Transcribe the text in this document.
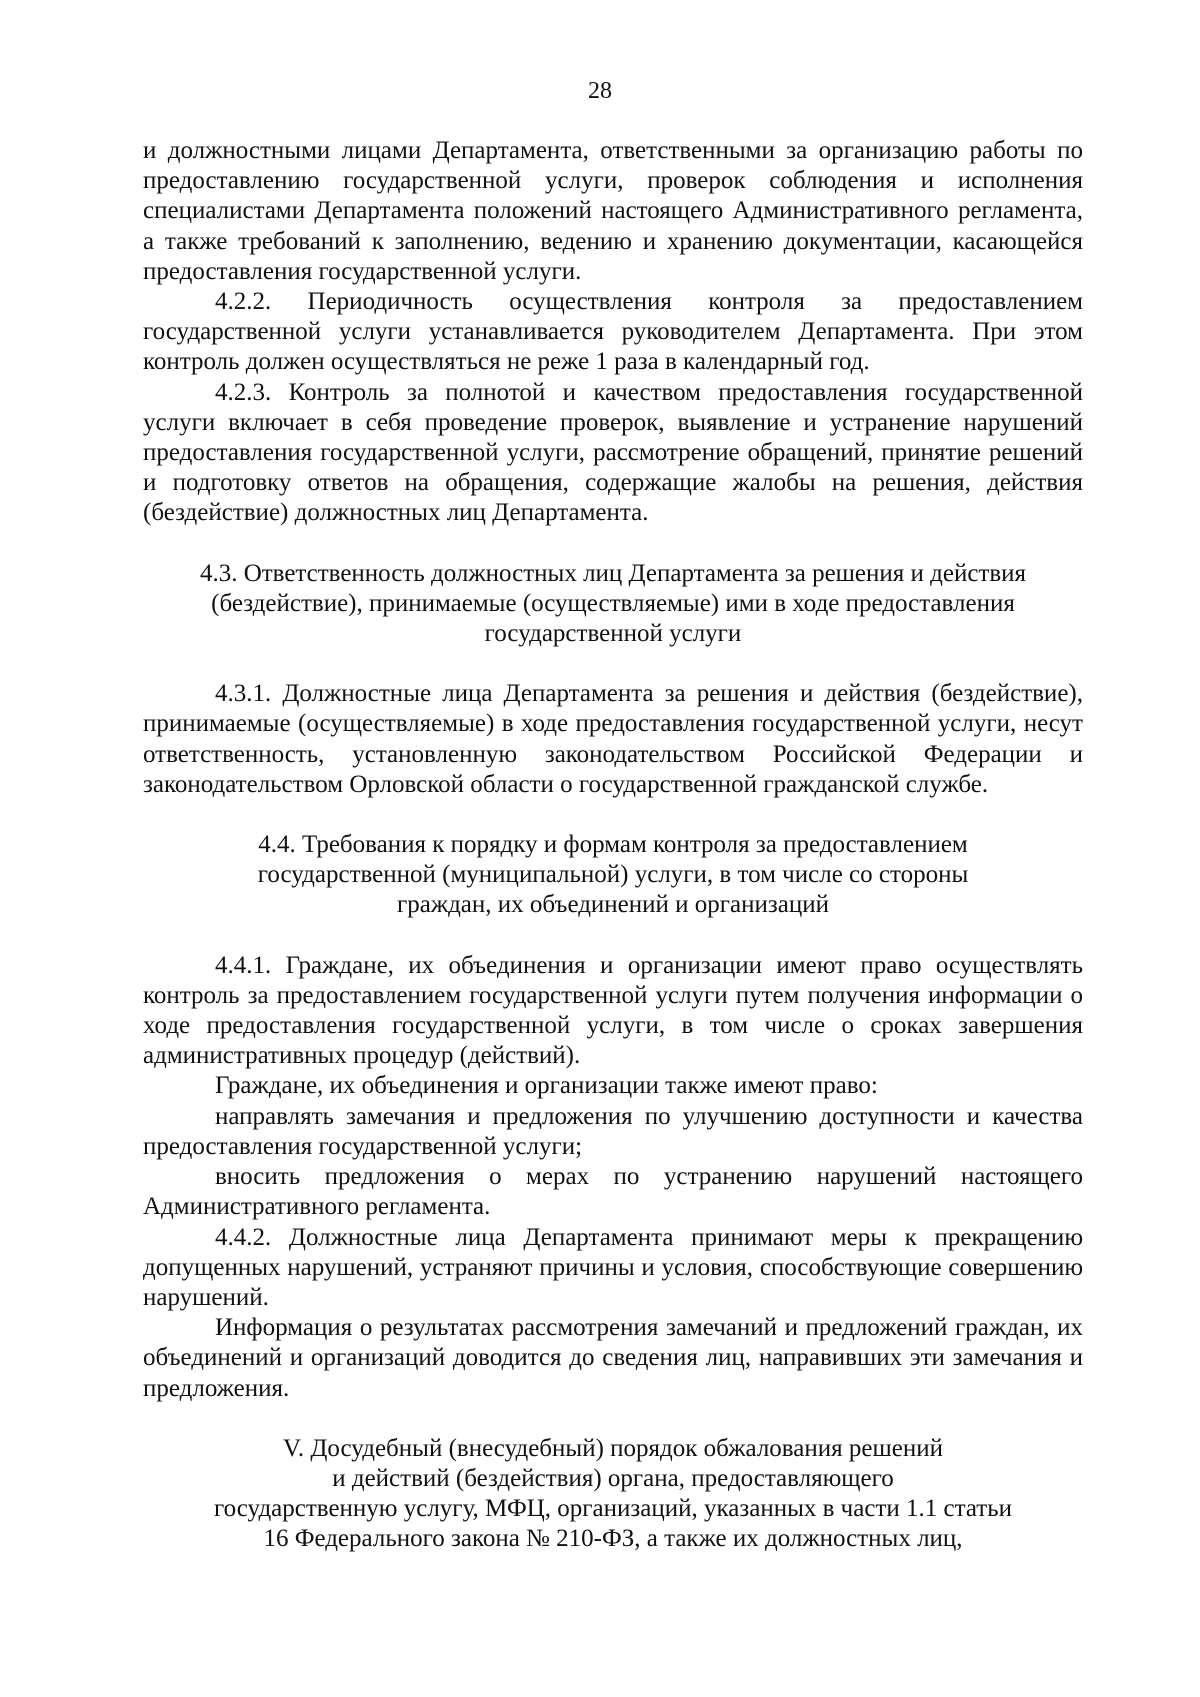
28

и должностными лицами Департамента, ответственными за организацию работы по предоставлению государственной услуги, проверок соблюдения и исполнения специалистами Департамента положений настоящего Административного регламента, а также требований к заполнению, ведению и хранению документации, касающейся предоставления государственной услуги.

4.2.2. Периодичность осуществления контроля за предоставлением государственной услуги устанавливается руководителем Департамента. При этом контроль должен осуществляться не реже 1 раза в календарный год.

4.2.3. Контроль за полнотой и качеством предоставления государственной услуги включает в себя проведение проверок, выявление и устранение нарушений предоставления государственной услуги, рассмотрение обращений, принятие решений и подготовку ответов на обращения, содержащие жалобы на решения, действия (бездействие) должностных лиц Департамента.

4.3. Ответственность должностных лиц Департамента за решения и действия
(бездействие), принимаемые (осуществляемые) ими в ходе предоставления
государственной услуги

4.3.1. Должностные лица Департамента за решения и действия (бездействие), принимаемые (осуществляемые) в ходе предоставления государственной услуги, несут ответственность, установленную законодательством Российской Федерации и законодательством Орловской области о государственной гражданской службе.

4.4. Требования к порядку и формам контроля за предоставлением
государственной (муниципальной) услуги, в том числе со стороны
граждан, их объединений и организаций

4.4.1. Граждане, их объединения и организации имеют право осуществлять контроль за предоставлением государственной услуги путем получения информации о ходе предоставления государственной услуги, в том числе о сроках завершения административных процедур (действий).

Граждане, их объединения и организации также имеют право:

направлять замечания и предложения по улучшению доступности и качества предоставления государственной услуги;

вносить предложения о мерах по устранению нарушений настоящего Административного регламента.

4.4.2. Должностные лица Департамента принимают меры к прекращению допущенных нарушений, устраняют причины и условия, способствующие совершению нарушений.

Информация о результатах рассмотрения замечаний и предложений граждан, их объединений и организаций доводится до сведения лиц, направивших эти замечания и предложения.

V. Досудебный (внесудебный) порядок обжалования решений
и действий (бездействия) органа, предоставляющего
государственную услугу, МФЦ, организаций, указанных в части 1.1 статьи
16 Федерального закона № 210-ФЗ, а также их должностных лиц,
